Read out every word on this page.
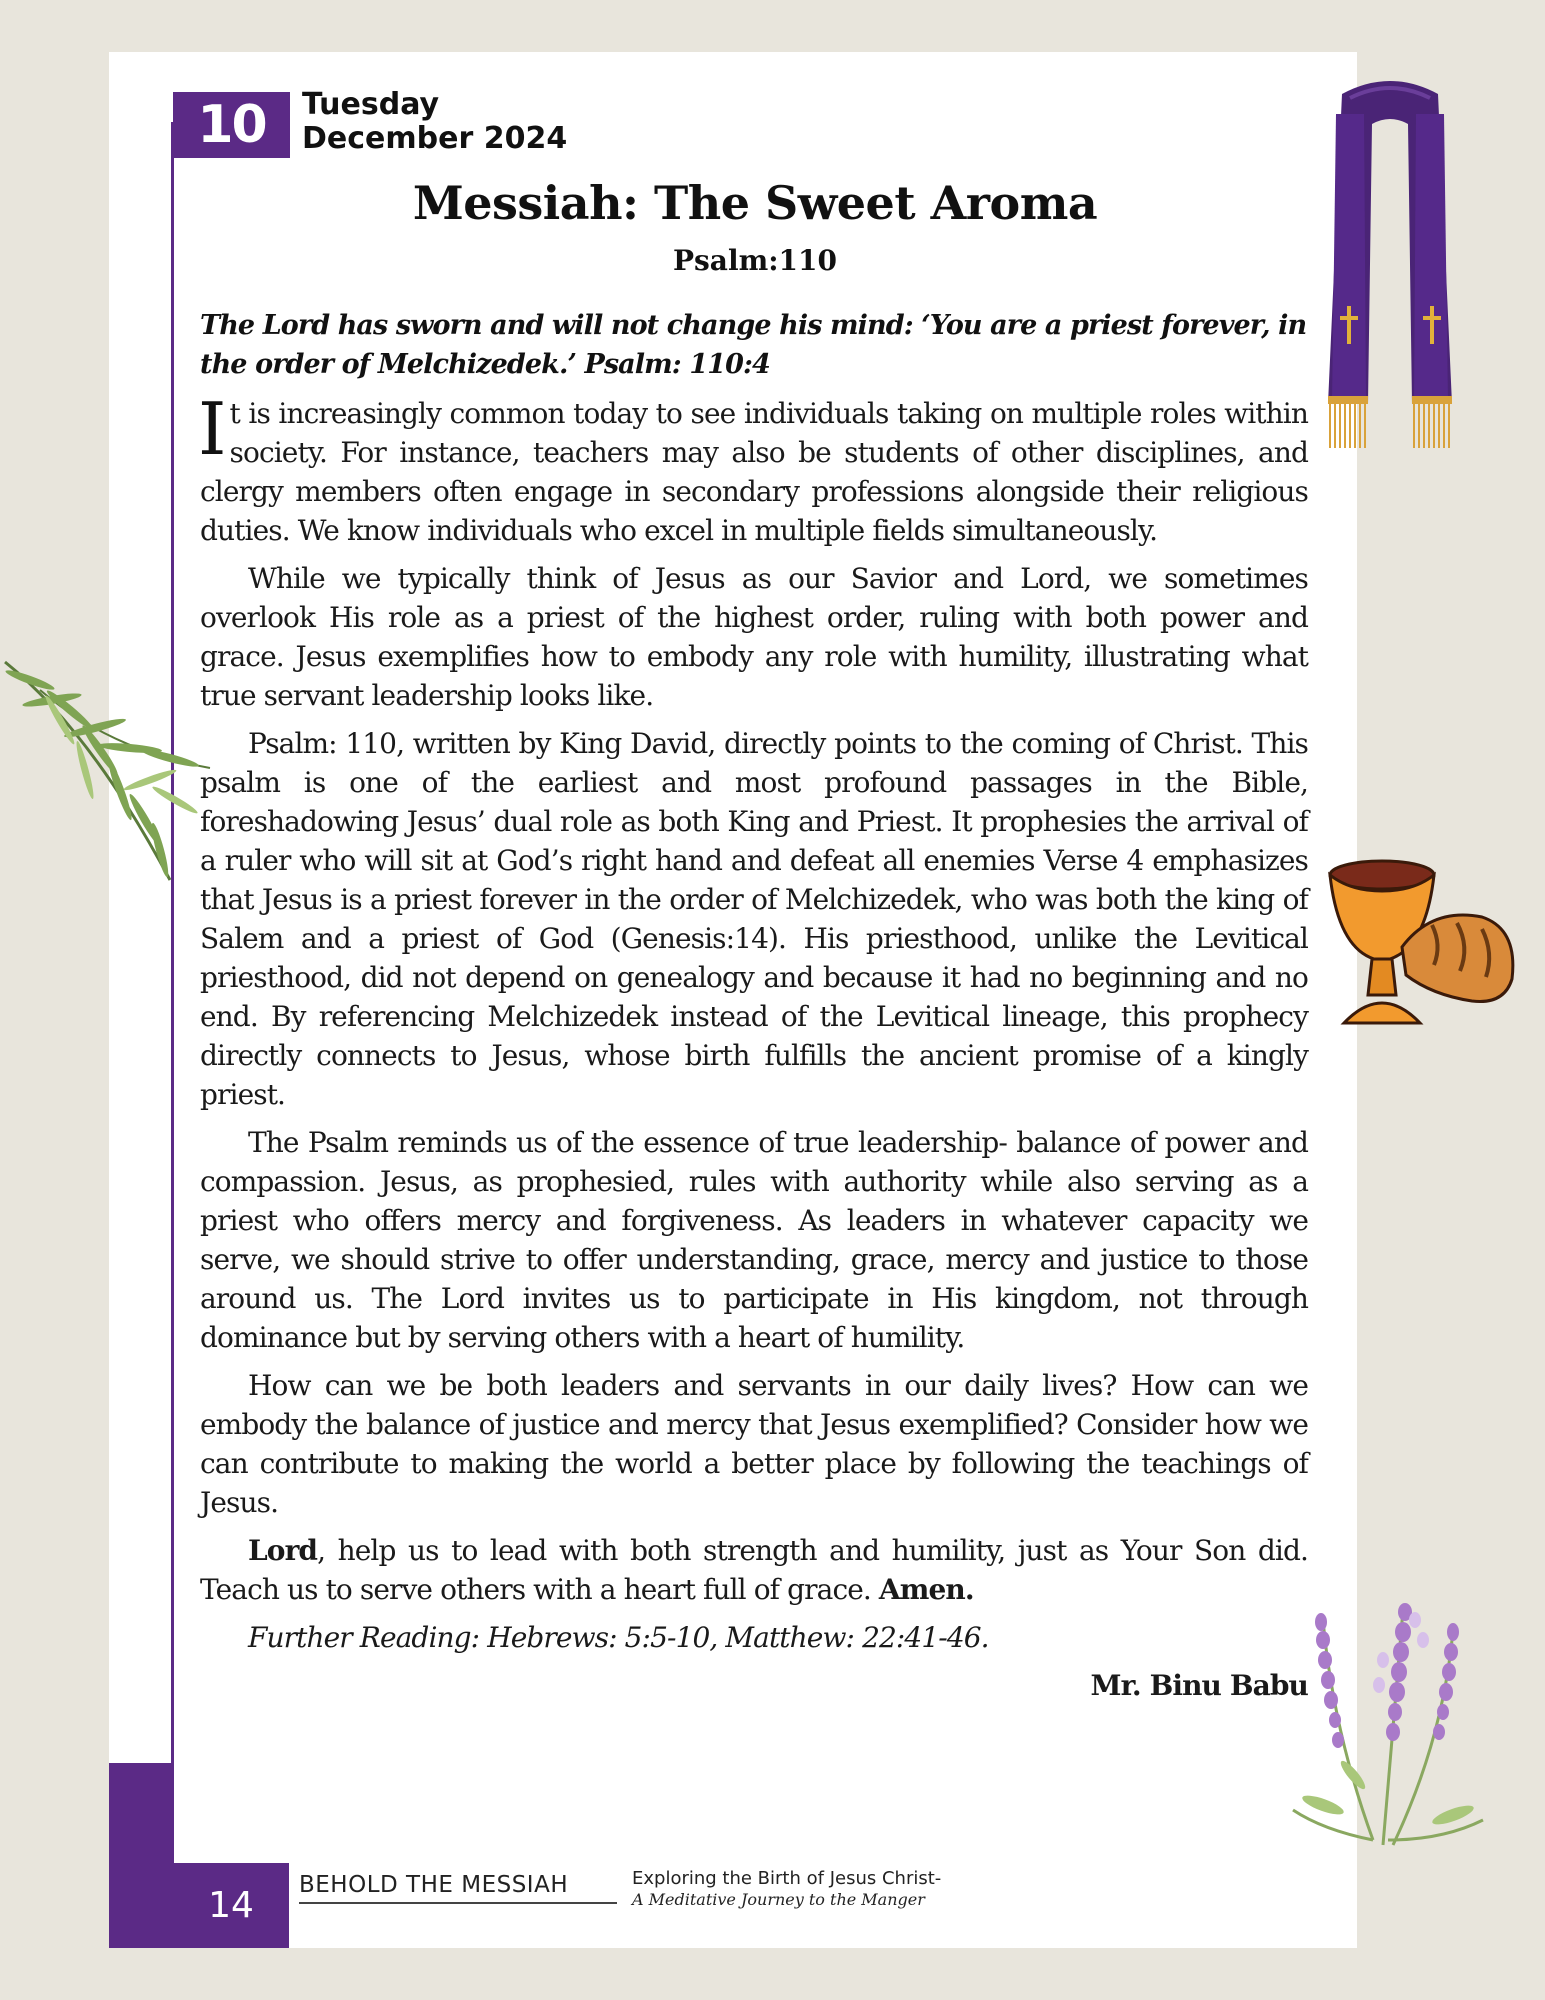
10	Tuesday
December 2024
Messiah: The Sweet Aroma
Psalm:110
The Lord has sworn and will not change his mind: ‘You are a priest forever, in the order of Melchizedek.’ Psalm: 110:4

It is increasingly common today to see individuals taking on multiple roles within society. For instance, teachers may also be students of other disciplines, and clergy members often engage in secondary professions alongside their religious duties. We know individuals who excel in multiple fields simultaneously.

While we typically think of Jesus as our Savior and Lord, we sometimes overlook His role as a priest of the highest order, ruling with both power and grace. Jesus exemplifies how to embody any role with humility, illustrating what true servant leadership looks like.

Psalm: 110, written by King David, directly points to the coming of Christ. This psalm is one of the earliest and most profound passages in the Bible, foreshadowing Jesus’ dual role as both King and Priest. It prophesies the arrival of a ruler who will sit at God’s right hand and defeat all enemies Verse 4 emphasizes that Jesus is a priest forever in the order of Melchizedek, who was both the king of Salem and a priest of God (Genesis:14). His priesthood, unlike the Levitical priesthood, did not depend on genealogy and because it had no beginning and no end. By referencing Melchizedek instead of the Levitical lineage, this prophecy directly connects to Jesus, whose birth fulfills the ancient promise of a kingly priest.

The Psalm reminds us of the essence of true leadership- balance of power and compassion. Jesus, as prophesied, rules with authority while also serving as a priest who offers mercy and forgiveness. As leaders in whatever capacity we serve, we should strive to offer understanding, grace, mercy and justice to those around us. The Lord invites us to participate in His kingdom, not through dominance but by serving others with a heart of humility.

How can we be both leaders and servants in our daily lives? How can we embody the balance of justice and mercy that Jesus exemplified? Consider how we can contribute to making the world a better place by following the teachings of Jesus.

Lord, help us to lead with both strength and humility, just as Your Son did. Teach us to serve others with a heart full of grace. Amen.

Further Reading: Hebrews: 5:5-10, Matthew: 22:41-46.

Mr. Binu Babu

14	BEHOLD THE MESSIAH	Exploring the Birth of Jesus Christ-
A Meditative Journey to the Manger
